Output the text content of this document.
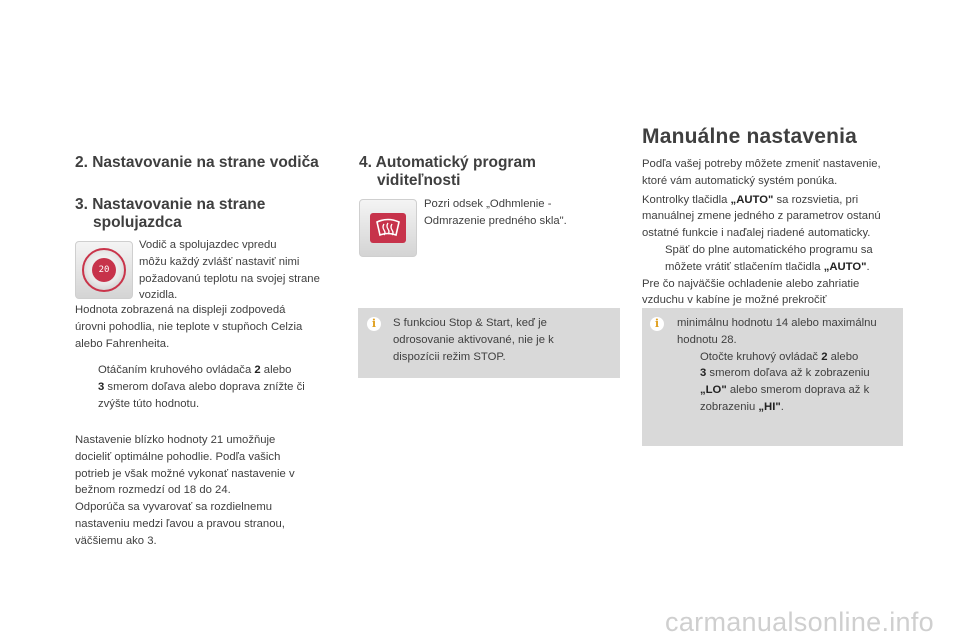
2. Nastavovanie na strane vodiča
3. Nastavovanie na strane
spolujazdca
20
Vodič a spolujazdec vpredu
môžu každý zvlášť nastaviť nimi
požadovanú teplotu na svojej strane
vozidla.
Hodnota zobrazená na displeji zodpovedá
úrovni pohodlia, nie teplote v stupňoch Celzia
alebo Fahrenheita.
Otáčaním kruhového ovládača 2 alebo
3 smerom doľava alebo doprava znížte či
zvýšte túto hodnotu.
Nastavenie blízko hodnoty 21 umožňuje
docieliť optimálne pohodlie. Podľa vašich
potrieb je však možné vykonať nastavenie v
bežnom rozmedzí od 18 do 24.
Odporúča sa vyvarovať sa rozdielnemu
nastaveniu medzi ľavou a pravou stranou,
väčšiemu ako 3.
4. Automatický program
viditeľnosti
Pozri odsek „Odhmlenie -
Odmrazenie predného skla".
i	S funkciou Stop & Start, keď je
odrosovanie aktivované, nie je k
dispozícii režim STOP.
Manuálne nastavenia
Podľa vašej potreby môžete zmeniť nastavenie,
ktoré vám automatický systém ponúka.
Kontrolky tlačidla „AUTO" sa rozsvietia, pri
manuálnej zmene jedného z parametrov ostanú
ostatné funkcie i naďalej riadené automaticky.
Späť do plne automatického programu sa
môžete vrátiť stlačením tlačidla „AUTO".
Pre čo najväčšie ochladenie alebo zahriatie
vzduchu v kabíne je možné prekročiť
i	minimálnu hodnotu 14 alebo maximálnu
hodnotu 28.
Otočte kruhový ovládač 2 alebo
3 smerom doľava až k zobrazeniu
„LO" alebo smerom doprava až k
zobrazeniu „HI".
carmanualsonline.info
